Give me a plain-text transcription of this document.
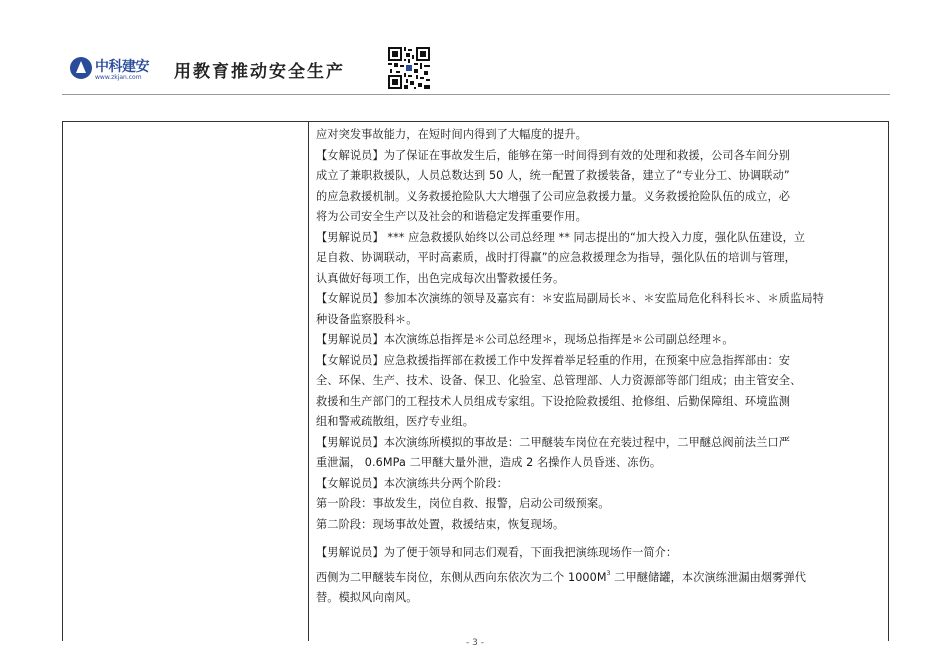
中科建安
www.zkjan.com 用教育推动安全生产

应对突发事故能力，在短时间内得到了大幅度的提升。

【女解说员】为了保证在事故发生后，能够在第一时间得到有效的处理和救援，公司各车间分别

成立了兼职救援队，人员总数达到 50 人，统一配置了救援装备，建立了“专业分工、协调联动”

的应急救援机制。义务救援抢险队大大增强了公司应急救援力量。义务救援抢险队伍的成立，必

将为公司安全生产以及社会的和谐稳定发挥重要作用。

【男解说员】 *** 应急救援队始终以公司总经理 ** 同志提出的“加大投入力度，强化队伍建设，立

足自救、协调联动，平时高素质，战时打得赢”的应急救援理念为指导，强化队伍的培训与管理，

认真做好每项工作，出色完成每次出警救援任务。

【女解说员】参加本次演练的领导及嘉宾有：＊安监局副局长＊、＊安监局危化科科长＊、＊质监局特

种设备监察股科＊。

【男解说员】本次演练总指挥是＊公司总经理＊，现场总指挥是＊公司副总经理＊。

【女解说员】应急救援指挥部在救援工作中发挥着举足轻重的作用，在预案中应急指挥部由：安

全、环保、生产、技术、设备、保卫、化验室、总管理部、人力资源部等部门组成；由主管安全、

救援和生产部门的工程技术人员组成专家组。下设抢险救援组、抢修组、后勤保障组、环境监测

组和警戒疏散组，医疗专业组。

【男解说员】本次演练所模拟的事故是：二甲醚装车岗位在充装过程中，二甲醚总阀前法兰口严

重泄漏， 0.6MPa 二甲醚大量外泄，造成 2 名操作人员昏迷、冻伤。

【女解说员】本次演练共分两个阶段：

第一阶段：事故发生，岗位自救、报警，启动公司级预案。

第二阶段：现场事故处置，救援结束，恢复现场。

【男解说员】为了便于领导和同志们观看，下面我把演练现场作一简介：

西侧为二甲醚装车岗位，东侧从西向东依次为二个 $1000M^3$ 二甲醚储罐，本次演练泄漏由烟雾弹代

替。模拟风向南风。

- 3 -
